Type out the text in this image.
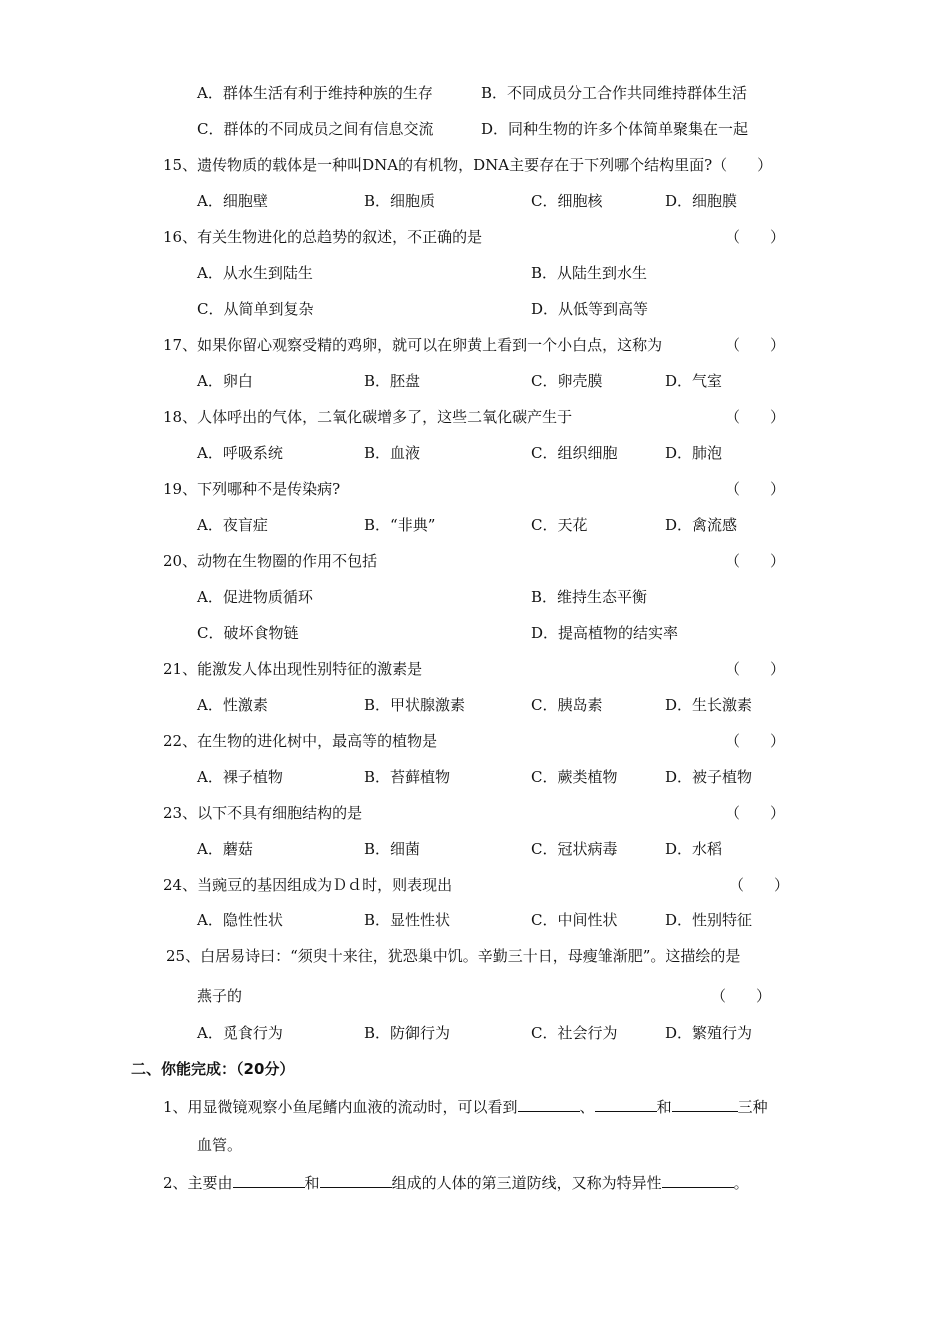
A．群体生活有利于维持种族的生存	B．不同成员分工合作共同维持群体生活
C．群体的不同成员之间有信息交流	D．同种生物的许多个体简单聚集在一起
15、遗传物质的载体是一种叫DNA的有机物，DNA主要存在于下列哪个结构里面?（　　）
A．细胞壁	B．细胞质	C．细胞核	D．细胞膜
16、有关生物进化的总趋势的叙述，不正确的是	（　　）
A．从水生到陆生	B．从陆生到水生
C．从简单到复杂	D．从低等到高等
17、如果你留心观察受精的鸡卵，就可以在卵黄上看到一个小白点，这称为	（　　）
A．卵白	B．胚盘	C．卵壳膜	D．气室
18、人体呼出的气体，二氧化碳增多了，这些二氧化碳产生于	（　　）
A．呼吸系统	B．血液	C．组织细胞	D．肺泡
19、下列哪种不是传染病?	（　　）
A．夜盲症	B．“非典”	C．天花	D．禽流感
20、动物在生物圈的作用不包括	（　　）
A．促进物质循环	B．维持生态平衡
C．破坏食物链	D．提高植物的结实率
21、能激发人体出现性别特征的激素是	（　　）
A．性激素	B．甲状腺激素	C．胰岛素	D．生长激素
22、在生物的进化树中，最高等的植物是	（　　）
A．裸子植物	B．苔藓植物	C．蕨类植物	D．被子植物
23、以下不具有细胞结构的是	（　　）
A．蘑菇	B．细菌	C．冠状病毒	D．水稻
24、当豌豆的基因组成为Ｄｄ时，则表现出	（　　）
A．隐性性状	B．显性性状	C．中间性状	D．性别特征
25、白居易诗曰：“须臾十来往，犹恐巢中饥。辛勤三十日，母瘦雏渐肥”。这描绘的是
燕子的	（　　）
A．觅食行为	B．防御行为	C．社会行为	D．繁殖行为
二、你能完成：（20分）
1、用显微镜观察小鱼尾鳍内血液的流动时，可以看到	、	和	三种
血管。
2、主要由	和	组成的人体的第三道防线，又称为特异性	。
